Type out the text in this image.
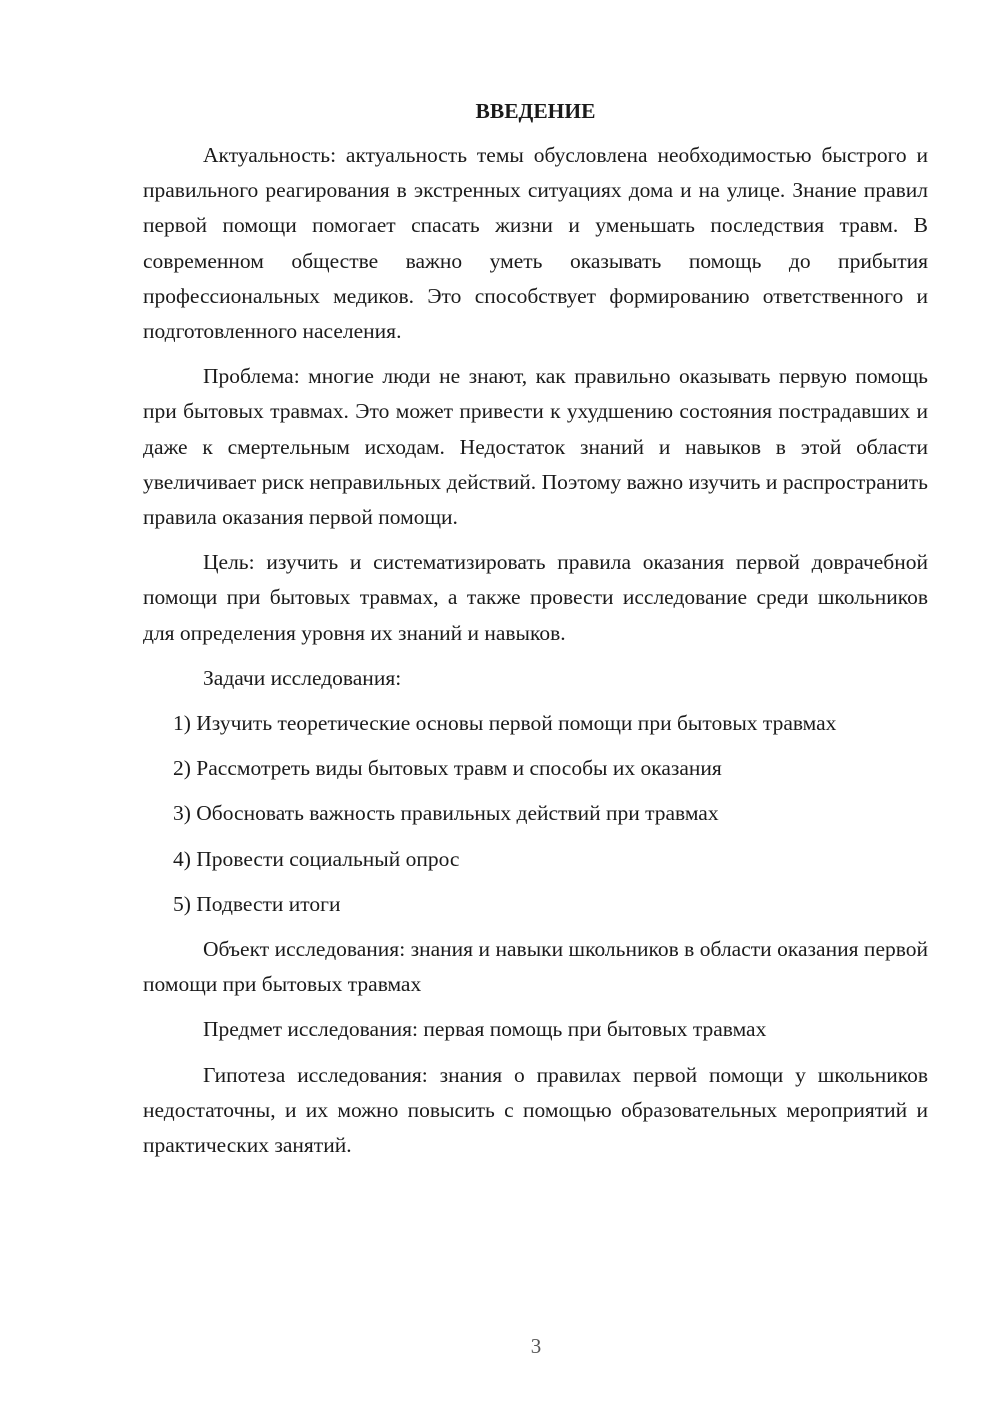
ВВЕДЕНИЕ

Актуальность: актуальность темы обусловлена необходимостью быстрого и правильного реагирования в экстренных ситуациях дома и на улице. Знание правил первой помощи помогает спасать жизни и уменьшать последствия травм. В современном обществе важно уметь оказывать помощь до прибытия профессиональных медиков. Это способствует формированию ответственного и подготовленного населения.

Проблема: многие люди не знают, как правильно оказывать первую помощь при бытовых травмах. Это может привести к ухудшению состояния пострадавших и даже к смертельным исходам. Недостаток знаний и навыков в этой области увеличивает риск неправильных действий. Поэтому важно изучить и распространить правила оказания первой помощи.

Цель: изучить и систематизировать правила оказания первой доврачебной помощи при бытовых травмах, а также провести исследование среди школьников для определения уровня их знаний и навыков.

Задачи исследования:

1) Изучить теоретические основы первой помощи при бытовых травмах

2) Рассмотреть виды бытовых травм и способы их оказания

3) Обосновать важность правильных действий при травмах

4) Провести социальный опрос

5) Подвести итоги

Объект исследования: знания и навыки школьников в области оказания первой помощи при бытовых травмах

Предмет исследования: первая помощь при бытовых травмах

Гипотеза исследования: знания о правилах первой помощи у школьников недостаточны, и их можно повысить с помощью образовательных мероприятий и практических занятий.

3
